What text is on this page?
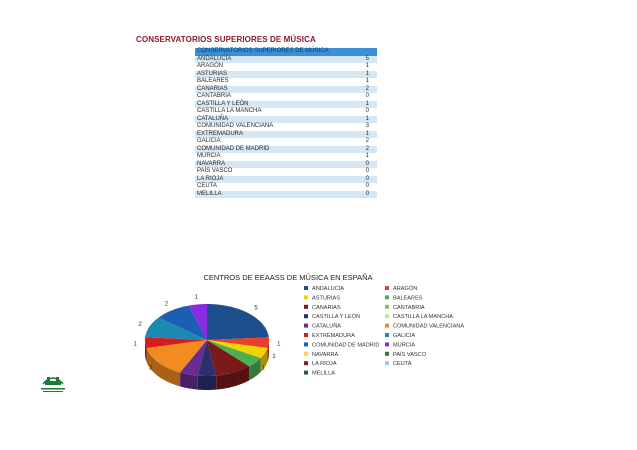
CONSERVATORIOS SUPERIORES DE MÚSICA
CONSERVATORIOS SUPERIORES DE MÚSICA	
ANDALUCÍA	5
ARAGÓN	1
ASTURIAS	1
BALEARES	1
CANARIAS	2
CANTABRIA	0
CASTILLA Y LEÓN	1
CASTILLA LA MANCHA	0
CATALUÑA	1
COMUNIDAD VALENCIANA	3
EXTREMADURA	1
GALICIA	2
COMUNIDAD DE MADRID	2
MURCIA	1
NAVARRA	0
PAÍS VASCO	0
LA RIOJA	0
CEUTA	0
MELILLA	0
CENTROS DE EEAASS DE MÚSICA EN ESPAÑA
5
1
1
1
2
1
1
3
1
2
2
1
ANDALUCÍA	ARAGÓN
ASTURIAS	BALEARES
CANARIAS	CANTABRIA
CASTILLA Y LEÓN	CASTILLA LA MANCHA
CATALUÑA	COMUNIDAD VALENCIANA
EXTREMADURA	GALICIA
COMUNIDAD DE MADRID MURCIA
NAVARRA	PAÍS VASCO
LA RIOJA	CEUTA
MELILLA
